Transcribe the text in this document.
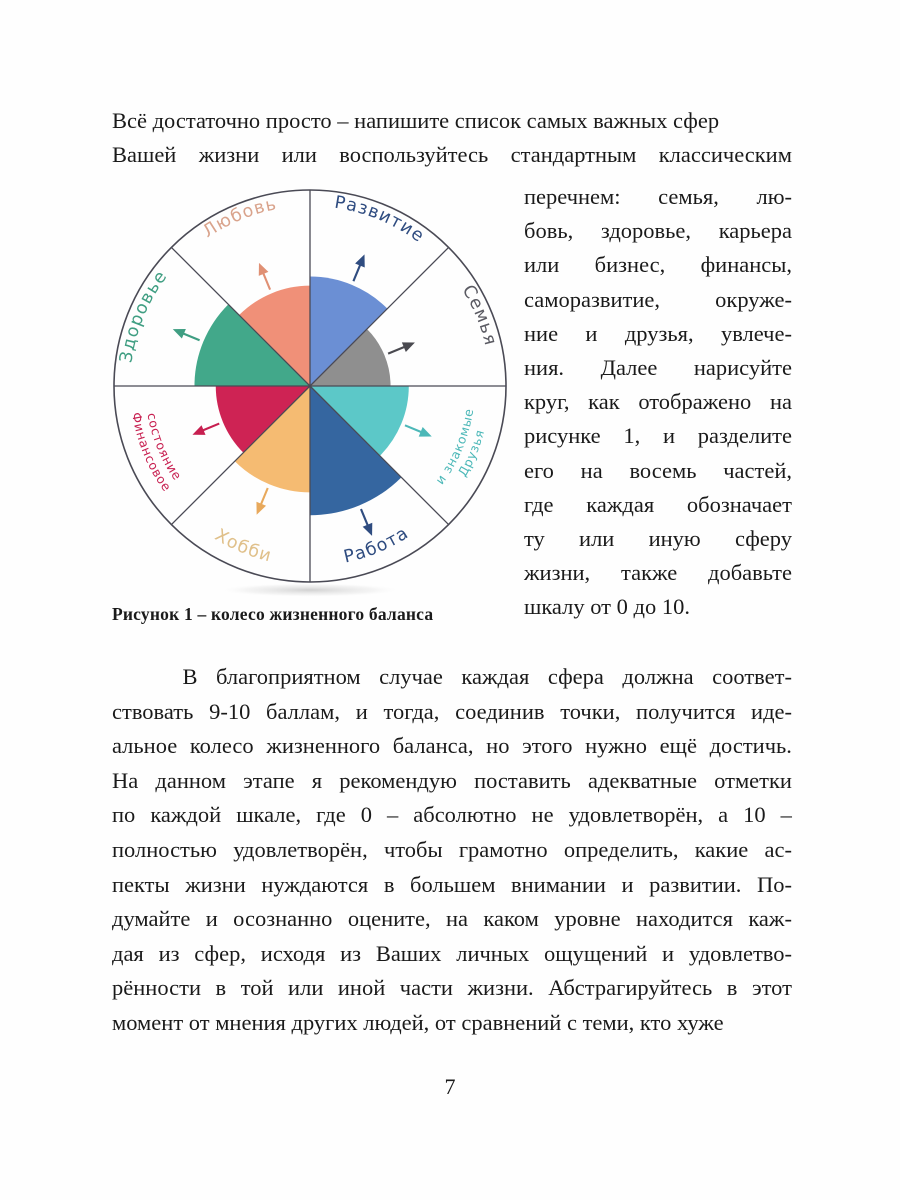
Всё достаточно просто – напишите список самых важных сфер
Вашей жизни или воспользуйтесь стандартным классическим
Развитие
Семья
Друзья
и знакомые
Работа
Хобби
Финансовое
состояние
Здоровье
Любовь
Рисунок 1 – колесо жизненного баланса
перечнем: семья, лю-
бовь, здоровье, карьера
или бизнес, финансы,
саморазвитие, окруже-
ние и друзья, увлече-
ния. Далее нарисуйте
круг, как отображено на
рисунке 1, и разделите
его на восемь частей,
где каждая обозначает
ту или иную сферу
жизни, также добавьте
шкалу от 0 до 10.
В благоприятном случае каждая сфера должна соответ-
ствовать 9-10 баллам, и тогда, соединив точки, получится иде-
альное колесо жизненного баланса, но этого нужно ещё достичь.
На данном этапе я рекомендую поставить адекватные отметки
по каждой шкале, где 0 – абсолютно не удовлетворён, а 10 –
полностью удовлетворён, чтобы грамотно определить, какие ас-
пекты жизни нуждаются в большем внимании и развитии. По-
думайте и осознанно оцените, на каком уровне находится каж-
дая из сфер, исходя из Ваших личных ощущений и удовлетво-
рённости в той или иной части жизни. Абстрагируйтесь в этот
момент от мнения других людей, от сравнений с теми, кто хуже
7
